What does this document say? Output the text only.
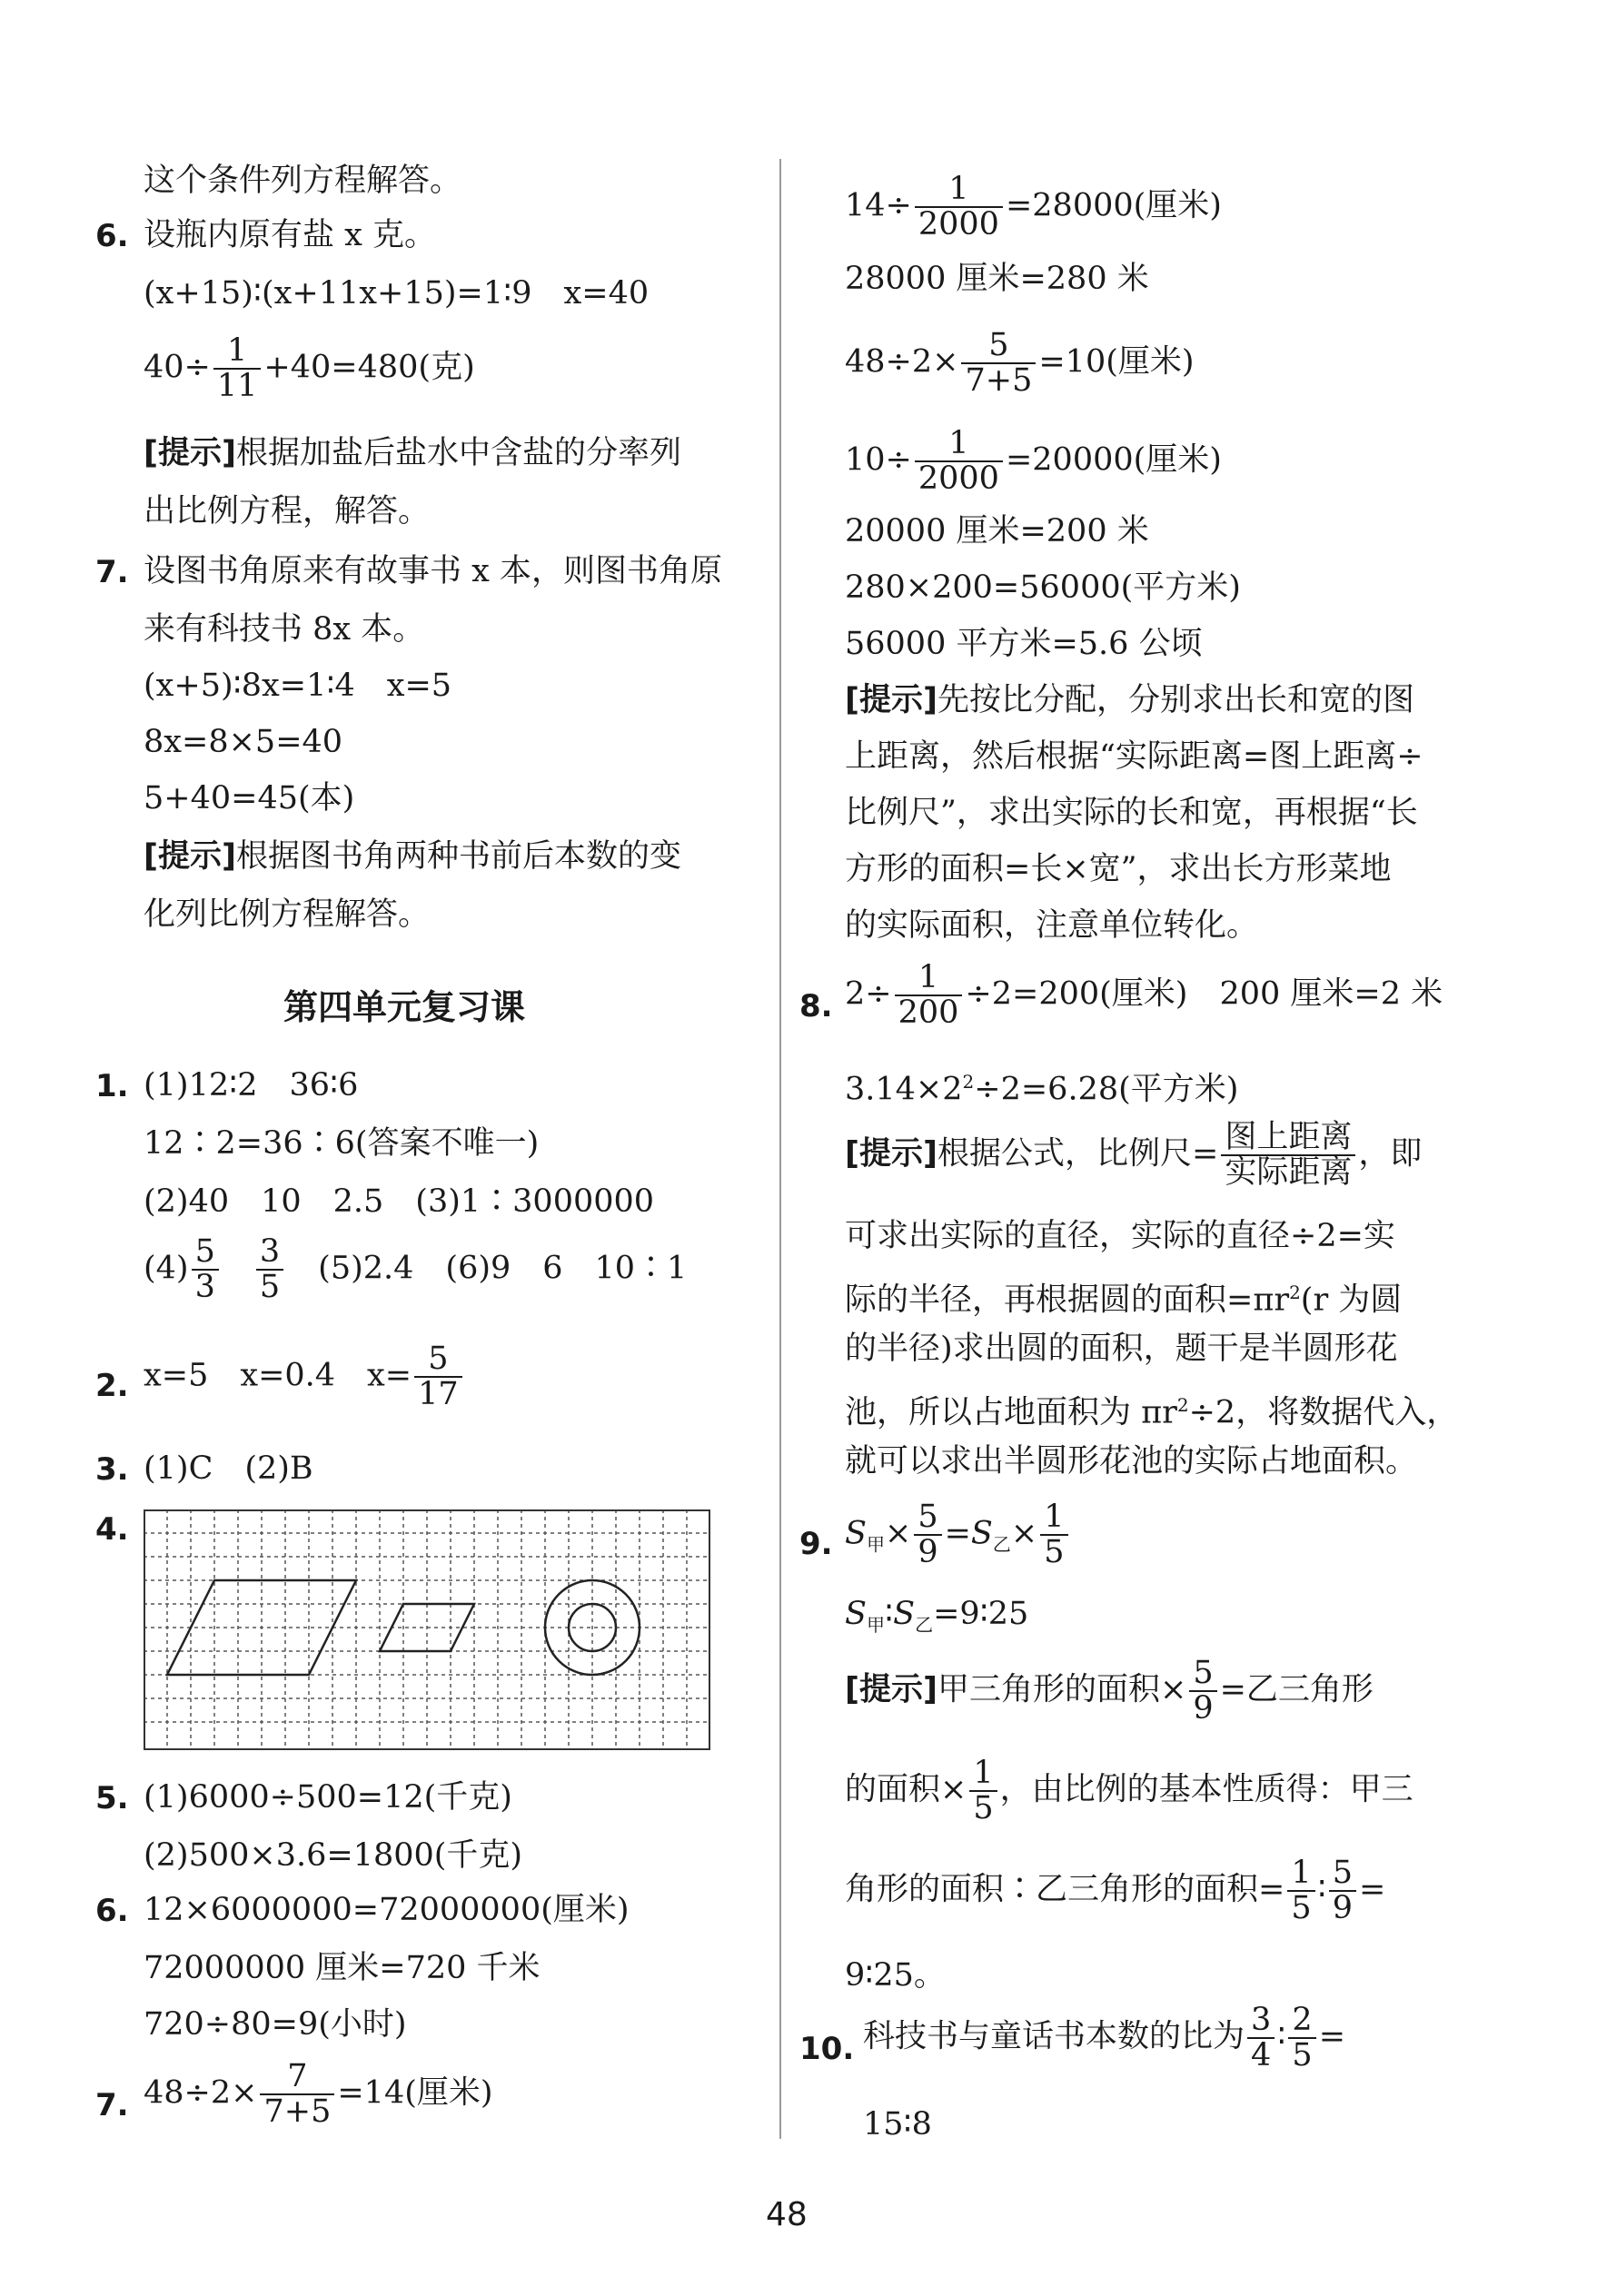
这个条件列方程解答。
6. 设瓶内原有盐 x 克。
(x+15)∶(x+11x+15)=1∶9　x=40
$40\div \frac{1}{11} +40=480$(克)
[提示]根据加盐后盐水中含盐的分率列
出比例方程，解答。
7. 设图书角原来有故事书 x 本，则图书角原
来有科技书 8x 本。
(x+5)∶8x=1∶4　x=5
8x=8×5=40
5+40=45(本)
[提示]根据图书角两种书前后本数的变
化列比例方程解答。
第四单元复习课
1. (1)12∶2　36∶6
12∶2=36∶6(答案不唯一)
(2)40　10　2.5　(3)1∶3000000
$(4) \frac{5}{3}$
　 $\frac{3}{5}$
　 (5)2.4　(6)9　6　10∶1
2. x=5　x=0.4　$x= \frac{5}{17}$
3. (1)C　(2)B
4.
5. (1)6000÷500=12(千克)
(2)500×3.6=1800(千克)
6. 12×6000000=72000000(厘米)
72000000 厘米=720 千米
720÷80=9(小时)
7. $48\div 2\times \frac{7}{7+5} =14$(厘米)
$14\div \frac{1}{2000} =28000$(厘米)
28000 厘米=280 米
$48\div 2\times \frac{5}{7+5} =10$(厘米)
$10\div \frac{1}{2000} =20000$(厘米)
20000 厘米=200 米
280×200=56000(平方米)
56000 平方米=5.6 公顷
[提示]先按比分配，分别求出长和宽的图
上距离，然后根据“实际距离=图上距离÷
比例尺”，求出实际的长和宽，再根据“长
方形的面积=长×宽”，求出长方形菜地
的实际面积，注意单位转化。
8. $2\div \frac{1}{200} \div 2=200$(厘米)　200 厘米=2 米
$3.14\times 2^2\div 2=6.28$(平方米)
[提示]根据公式，比例尺= $\frac{\text{图上距离}}{\text{实际距离}}$ ，即
可求出实际的直径，实际的直径÷2=实
际的半径，再根据圆的面积$=\pi r^2(r$ 为圆
的半径)求出圆的面积，题干是半圆形花
池，所以占地面积为 $\pi r^2\div 2$，将数据代入，
就可以求出半圆形花池的实际占地面积。
9. $S_甲\times \frac{5}{9} =S_乙\times \frac{1}{5}$
$S_甲∶S_乙=9∶25$
[提示]甲三角形的面积× $\frac{5}{9}$ =乙三角形
的面积× $\frac{1}{5}$ ，由比例的基本性质得：甲三
角形的面积∶乙三角形的面积= $\frac{1}{5}$ ∶ $\frac{5}{9}$ =
9∶25。
10. 科技书与童话书本数的比为 $\frac{3}{4}$ ∶ $\frac{2}{5}$ =
15∶8
48
